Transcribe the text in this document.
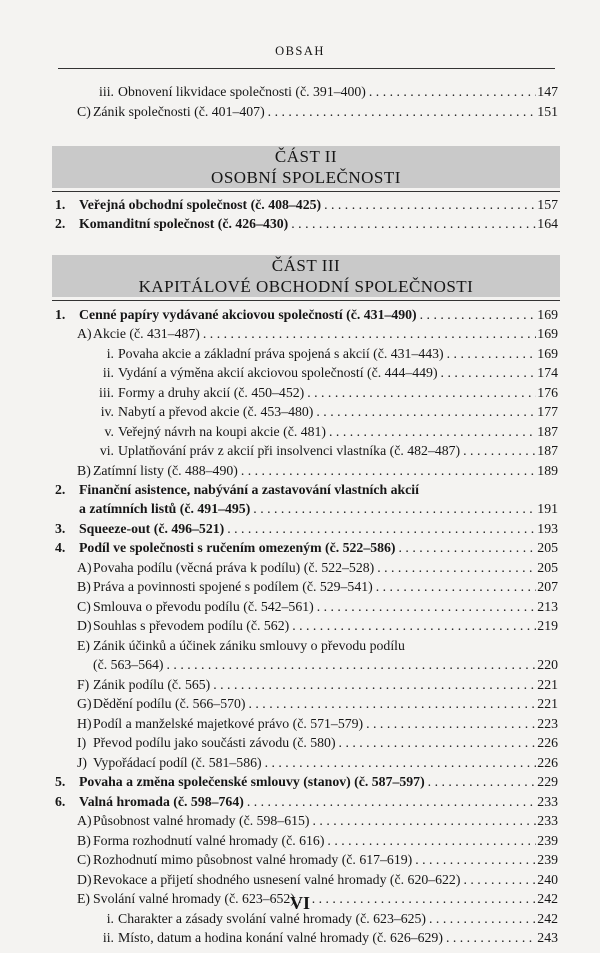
OBSAH
ČÁST II
OSOBNÍ SPOLEČNOSTI
ČÁST III
KAPITÁLOVÉ OBCHODNÍ SPOLEČNOSTI
iii. Obnovení likvidace společnosti (č. 391–400) . . .	147
C) Zánik společnosti (č. 401–407) . . .	151
1. Veřejná obchodní společnost (č. 408–425) . . .	157
2. Komanditní společnost (č. 426–430) . . .	164
1. Cenné papíry vydávané akciovou společností (č. 431–490) . . .	169
A)Akcie (č. 431–487) . . .	169
i. Povaha akcie a základní práva spojená s akcií (č. 431–443) . . .	169
ii. Vydání a výměna akcií akciovou společností (č. 444–449) . . .	174
iii. Formy a druhy akcií (č. 450–452) . . .	176
iv. Nabytí a převod akcie (č. 453–480) . . .	177
v. Veřejný návrh na koupi akcie (č. 481) . . .	187
vi. Uplatňování práv z akcií při insolvenci vlastníka (č. 482–487) . . .	187
B) Zatímní listy (č. 488–490) . . .	189
2. Finanční asistence, nabývání a zastavování vlastních akcií
a zatímních listů (č. 491–495) . . .	191
3. Squeeze-out (č. 496–521) . . .	193
4. Podíl ve společnosti s ručením omezeným (č. 522–586) . . .	205
A)Povaha podílu (věcná práva k podílu) (č. 522–528) . . .	205
B) Práva a povinnosti spojené s podílem (č. 529–541) . . .	207
C) Smlouva o převodu podílu (č. 542–561) . . .	213
D)Souhlas s převodem podílu (č. 562) . . .	219
E) Zánik účinků a účinek zániku smlouvy o převodu podílu
(č. 563–564) . . .	220
F) Zánik podílu (č. 565) . . .	221
G)Dědění podílu (č. 566–570) . . .	221
H)Podíl a manželské majetkové právo (č. 571–579) . . .	223
I) Převod podílu jako součásti závodu (č. 580) . . .	226
J) Vypořádací podíl (č. 581–586) . . .	226
5. Povaha a změna společenské smlouvy (stanov) (č. 587–597) . . .	229
6. Valná hromada (č. 598–764) . . .	233
A)Působnost valné hromady (č. 598–615) . . .	233
B) Forma rozhodnutí valné hromady (č. 616) . . .	239
C) Rozhodnutí mimo působnost valné hromady (č. 617–619) . . .	239
D)Revokace a přijetí shodného usnesení valné hromady (č. 620–622) . . .	240
E) Svolání valné hromady (č. 623–652) . . .	242
i. Charakter a zásady svolání valné hromady (č. 623–625) . . .	242
ii. Místo, datum a hodina konání valné hromady (č. 626–629) . . .	243
VI
